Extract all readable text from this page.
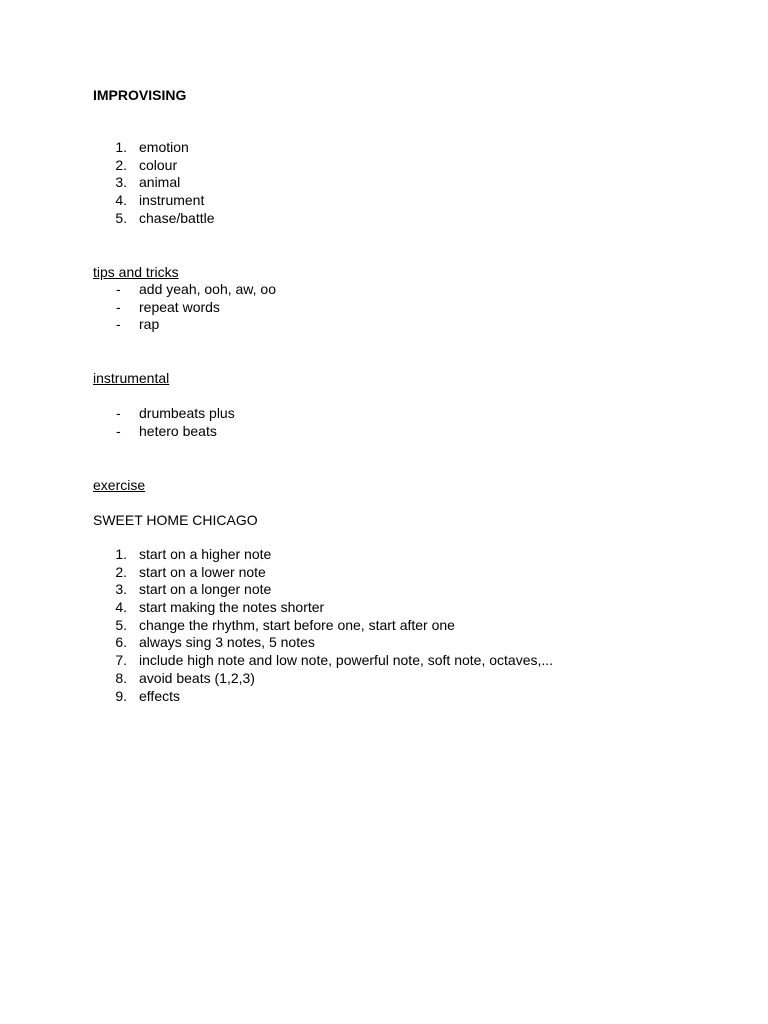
IMPROVISING
1. emotion
2. colour
3. animal
4. instrument
5. chase/battle
tips and tricks
- add yeah, ooh, aw, oo
- repeat words
- rap
instrumental
- drumbeats plus
- hetero beats
exercise
SWEET HOME CHICAGO
1. start on a higher note
2. start on a lower note
3. start on a longer note
4. start making the notes shorter
5. change the rhythm, start before one, start after one
6. always sing 3 notes, 5 notes
7. include high note and low note, powerful note, soft note, octaves,...
8. avoid beats (1,2,3)
9. effects
